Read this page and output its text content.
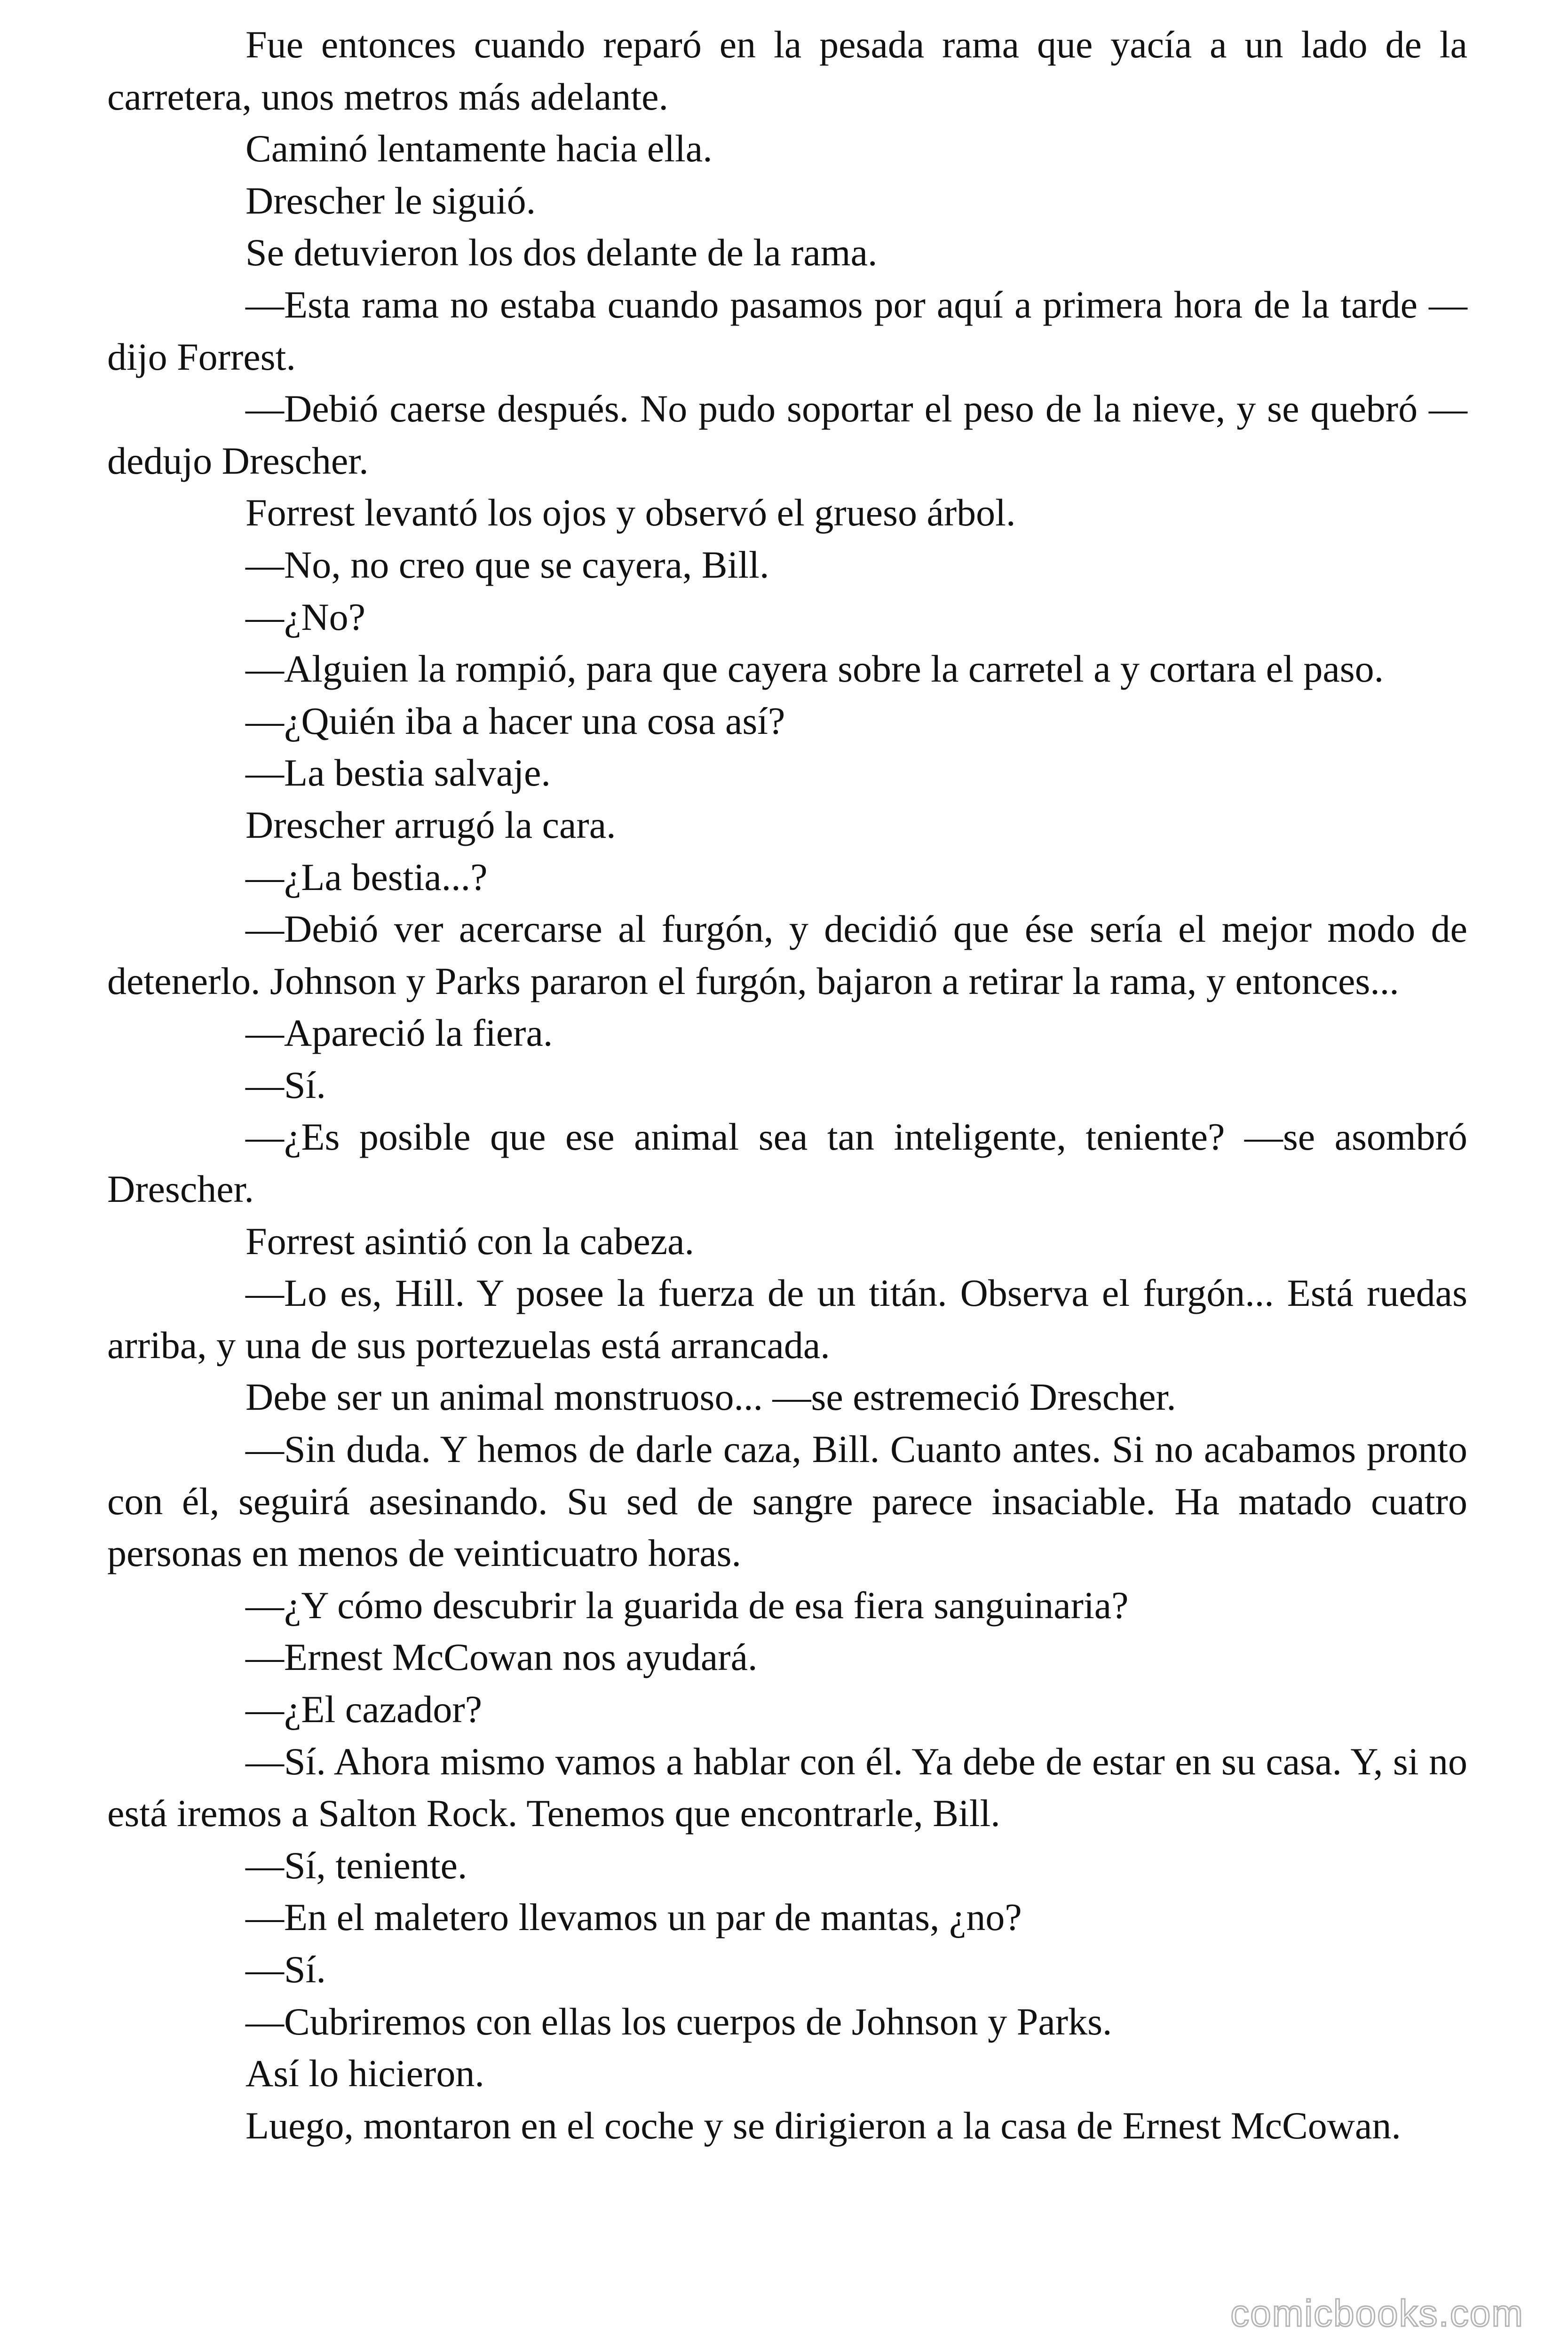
Fue entonces cuando reparó en la pesada rama que yacía a un lado de la carretera, unos metros más adelante.

Caminó lentamente hacia ella.

Drescher le siguió.

Se detuvieron los dos delante de la rama.

—Esta rama no estaba cuando pasamos por aquí a primera hora de la tarde —dijo Forrest.

—Debió caerse después. No pudo soportar el peso de la nieve, y se quebró —dedujo Drescher.

Forrest levantó los ojos y observó el grueso árbol.

—No, no creo que se cayera, Bill.

—¿No?

—Alguien la rompió, para que cayera sobre la carretel a y cortara el paso.

—¿Quién iba a hacer una cosa así?

—La bestia salvaje.

Drescher arrugó la cara.

—¿La bestia...?

—Debió ver acercarse al furgón, y decidió que ése sería el mejor modo de detenerlo. Johnson y Parks pararon el furgón, bajaron a retirar la rama, y entonces...

—Apareció la fiera.

—Sí.

—¿Es posible que ese animal sea tan inteligente, teniente? —se asombró Drescher.

Forrest asintió con la cabeza.

—Lo es, Hill. Y posee la fuerza de un titán. Observa el furgón... Está ruedas arriba, y una de sus portezuelas está arrancada.

Debe ser un animal monstruoso... —se estremeció Drescher.

—Sin duda. Y hemos de darle caza, Bill. Cuanto antes. Si no acabamos pronto con él, seguirá asesinando. Su sed de sangre parece insaciable. Ha matado cuatro personas en menos de veinticuatro horas.

—¿Y cómo descubrir la guarida de esa fiera sanguinaria?

—Ernest McCowan nos ayudará.

—¿El cazador?

—Sí. Ahora mismo vamos a hablar con él. Ya debe de estar en su casa. Y, si no está iremos a Salton Rock. Tenemos que encontrarle, Bill.

—Sí, teniente.

—En el maletero llevamos un par de mantas, ¿no?

—Sí.

—Cubriremos con ellas los cuerpos de Johnson y Parks.

Así lo hicieron.

Luego, montaron en el coche y se dirigieron a la casa de Ernest McCowan.

comicbooks.com
